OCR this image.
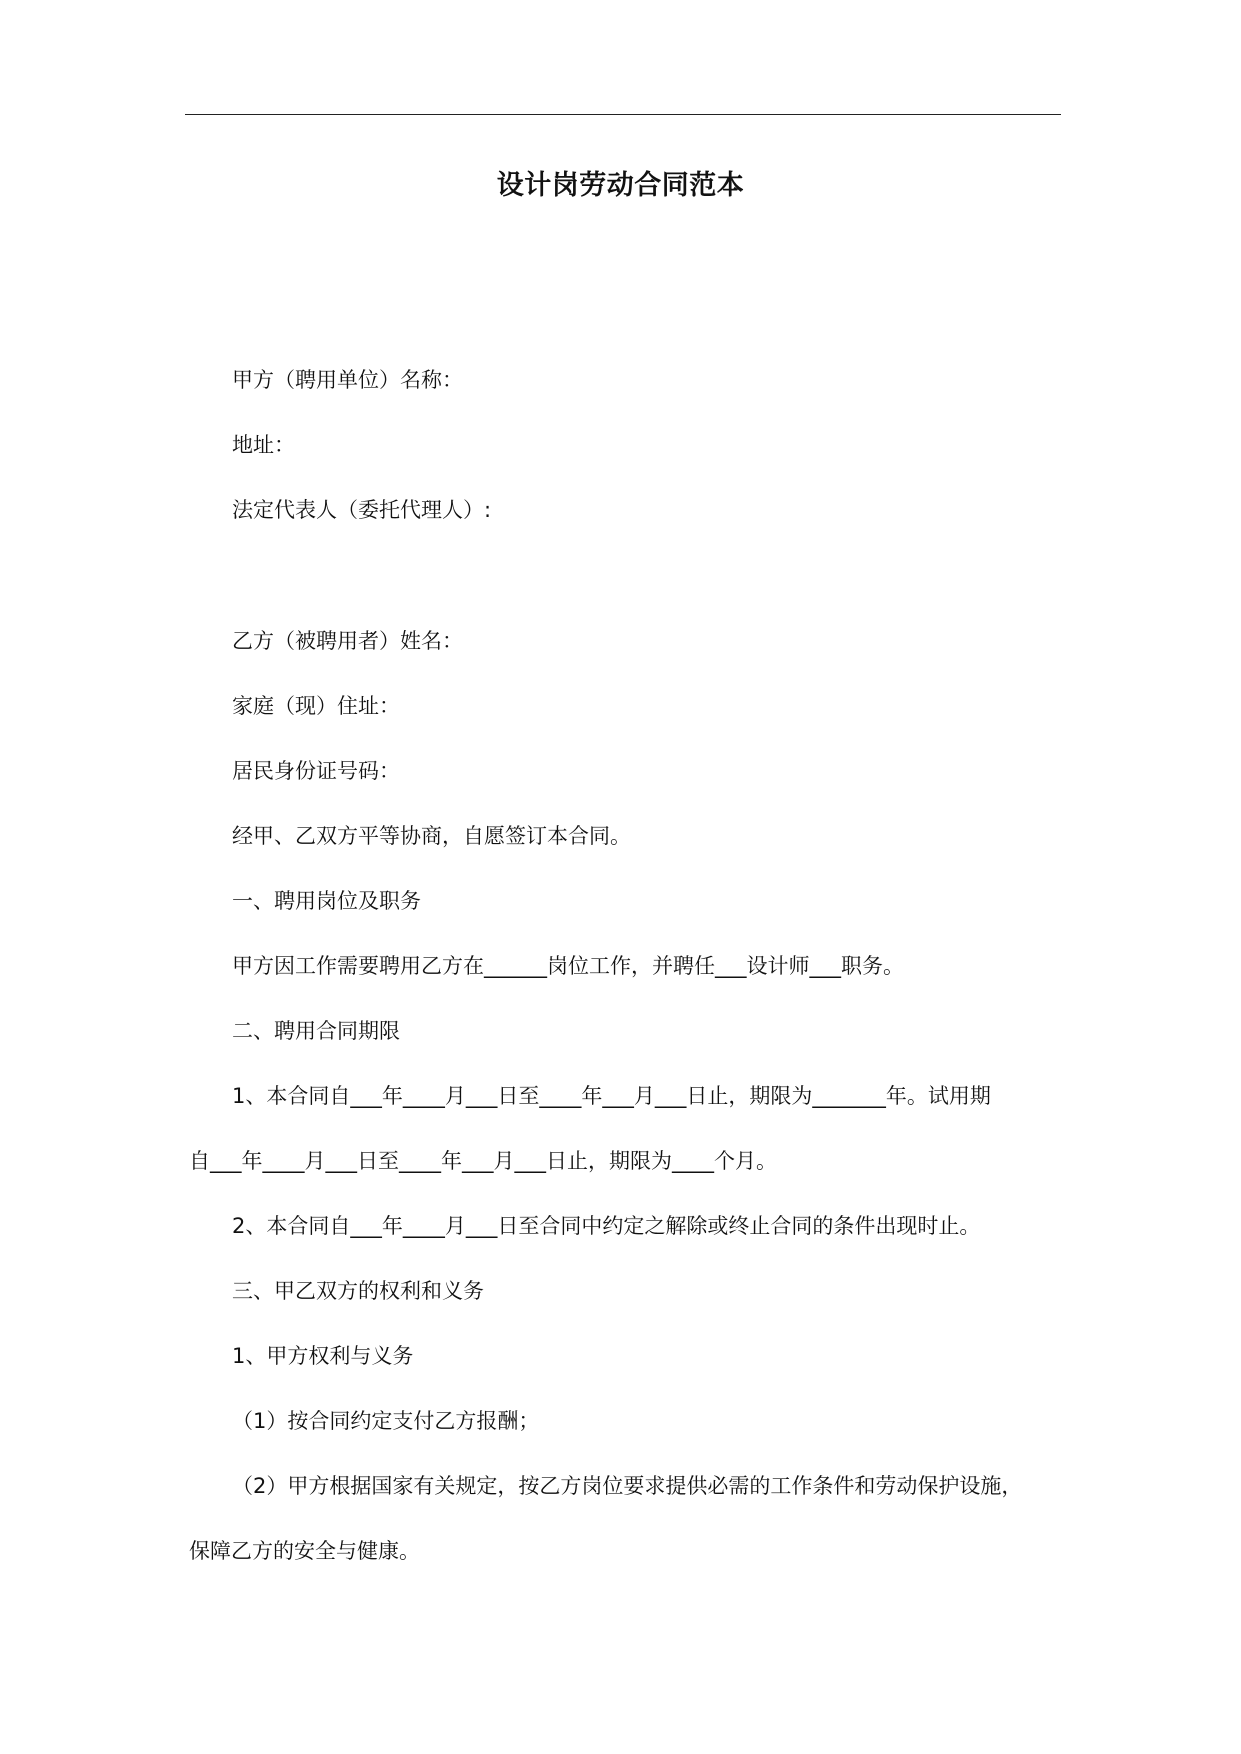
设计岗劳动合同范本
甲方（聘用单位）名称：
地址：
法定代表人（委托代理人）:
乙方（被聘用者）姓名：
家庭（现）住址：
居民身份证号码：
经甲、乙双方平等协商，自愿签订本合同。
一、聘用岗位及职务
甲方因工作需要聘用乙方在______岗位工作，并聘任___设计师___职务。
二、聘用合同期限
1、本合同自___年____月___日至____年___月___日止，期限为_______年。试用期
自___年____月___日至____年___月___日止，期限为____个月。
2、本合同自___年____月___日至合同中约定之解除或终止合同的条件出现时止。
三、甲乙双方的权利和义务
1、甲方权利与义务
（1）按合同约定支付乙方报酬；
（2）甲方根据国家有关规定，按乙方岗位要求提供必需的工作条件和劳动保护设施，
保障乙方的安全与健康。
